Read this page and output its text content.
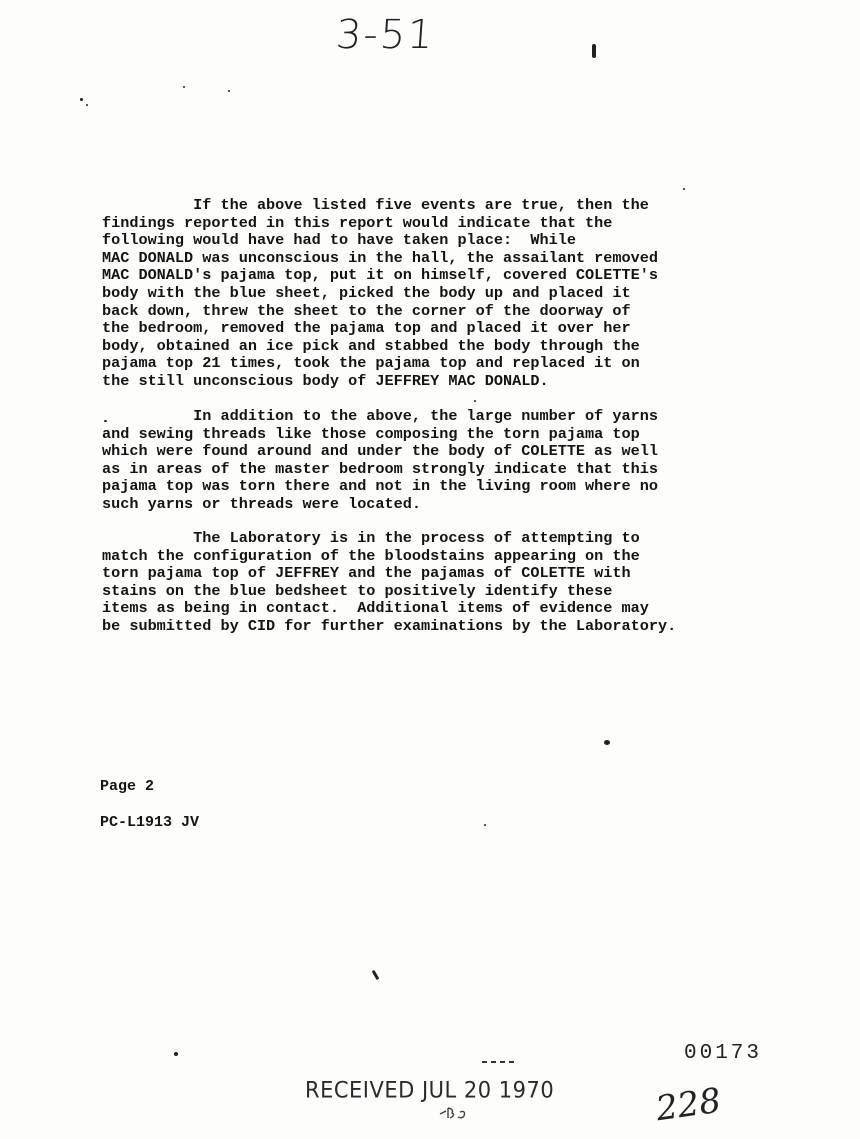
3-51
If the above listed five events are true, then the
findings reported in this report would indicate that the
following would have had to have taken place:  While
MAC DONALD was unconscious in the hall, the assailant removed
MAC DONALD's pajama top, put it on himself, covered COLETTE's
body with the blue sheet, picked the body up and placed it
back down, threw the sheet to the corner of the doorway of
the bedroom, removed the pajama top and placed it over her
body, obtained an ice pick and stabbed the body through the
pajama top 21 times, took the pajama top and replaced it on
the still unconscious body of JEFFREY MAC DONALD.
In addition to the above, the large number of yarns
and sewing threads like those composing the torn pajama top
which were found around and under the body of COLETTE as well
as in areas of the master bedroom strongly indicate that this
pajama top was torn there and not in the living room where no
such yarns or threads were located.
The Laboratory is in the process of attempting to
match the configuration of the bloodstains appearing on the
torn pajama top of JEFFREY and the pajamas of COLETTE with
stains on the blue bedsheet to positively identify these
items as being in contact.  Additional items of evidence may
be submitted by CID for further examinations by the Laboratory.
Page 2
PC-L1913 JV
00173
RECEIVED JUL 20 1970	228
